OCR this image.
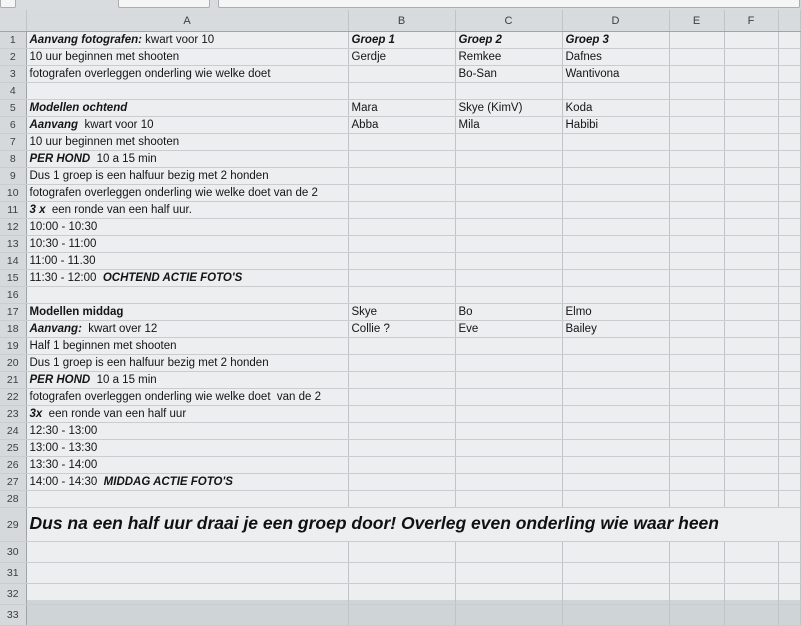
	A	B	C	D	E	F	
1	Aanvang fotografen: kwart voor 10	Groep 1	Groep 2	Groep 3			
2	10 uur beginnen met shooten	Gerdje	Remkee	Dafnes			
3	fotografen overleggen onderling wie welke doet		Bo-San	Wantivona			
4							
5	Modellen ochtend	Mara	Skye (KimV)	Koda			
6	Aanvang  kwart voor 10	Abba	Mila	Habibi			
7	10 uur beginnen met shooten						
8	PER HOND  10 a 15 min						
9	Dus 1 groep is een halfuur bezig met 2 honden						
10	fotografen overleggen onderling wie welke doet van de 2						
11	3 x  een ronde van een half uur.						
12	10:00 - 10:30						
13	10:30 - 11:00						
14	11:00 - 11.30						
15	11:30 - 12:00  OCHTEND ACTIE FOTO'S						
16							
17	Modellen middag	Skye	Bo	Elmo			
18	Aanvang:  kwart over 12	Collie ?	Eve	Bailey			
19	Half 1 beginnen met shooten						
20	Dus 1 groep is een halfuur bezig met 2 honden						
21	PER HOND  10 a 15 min						
22	fotografen overleggen onderling wie welke doet  van de 2						
23	3x  een ronde van een half uur						
24	12:30 - 13:00						
25	13:00 - 13:30						
26	13:30 - 14:00						
27	14:00 - 14:30  MIDDAG ACTIE FOTO'S						
28							
29	Dus na een half uur draai je een groep door! Overleg even onderling wie waar heen						
30							
31							
32							
33							
